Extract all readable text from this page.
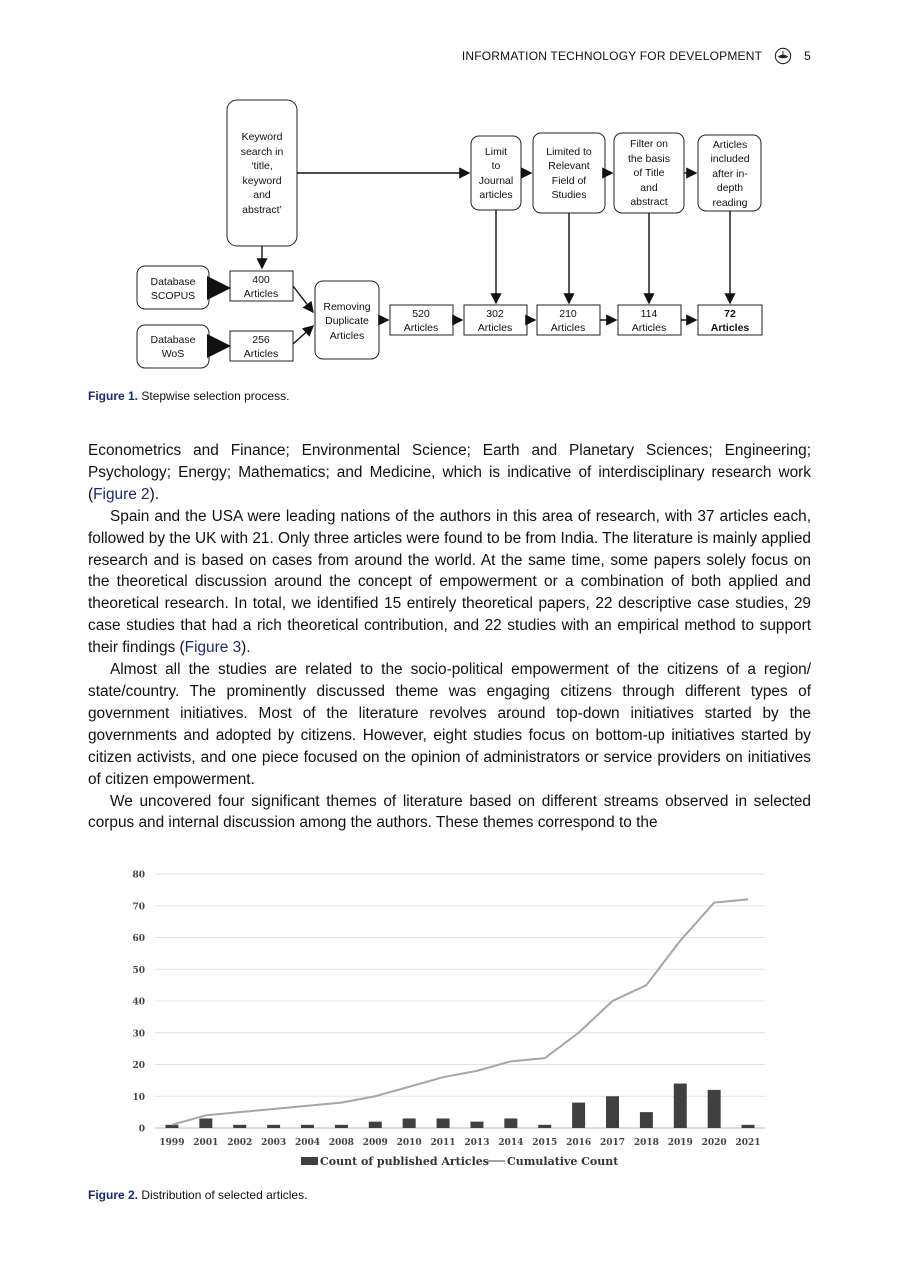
INFORMATION TECHNOLOGY FOR DEVELOPMENT	5
Keyword
search in
‘title,
keyword
and
abstract’
Database
SCOPUS
Database
WoS
400
Articles
256
Articles
Removing
Duplicate
Articles
520
Articles
302
Articles
210
Articles
114
Articles
72
Articles
Limit
to
Journal
articles
Limited to
Relevant
Field of
Studies
Filter on
the basis
of Title
and
abstract
Articles
included
after in-
depth
reading
Figure 1. Stepwise selection process.

Econometrics and Finance; Environmental Science; Earth and Planetary Sciences; Engineering; Psychology; Energy; Mathematics; and Medicine, which is indicative of interdisciplinary research work (Figure 2).

Spain and the USA were leading nations of the authors in this area of research, with 37 articles each, followed by the UK with 21. Only three articles were found to be from India. The literature is mainly applied research and is based on cases from around the world. At the same time, some papers solely focus on the theoretical discussion around the concept of empowerment or a combination of both applied and theoretical research. In total, we identified 15 entirely theoretical papers, 22 descriptive case studies, 29 case studies that had a rich theoretical contribution, and 22 studies with an empirical method to support their findings (Figure 3).

Almost all the studies are related to the socio-political empowerment of the citizens of a region/ state/country. The prominently discussed theme was engaging citizens through different types of government initiatives. Most of the literature revolves around top-down initiatives started by the governments and adopted by citizens. However, eight studies focus on bottom-up initiatives started by citizen activists, and one piece focused on the opinion of administrators or service providers on initiatives of citizen empowerment.

We uncovered four significant themes of literature based on different streams observed in selected corpus and internal discussion among the authors. These themes correspond to the

0
10
20
30
40
50
60
70
80
1999 2001 2002 2003 2004 2008 2009 2010 2011 2013 2014 2015 2016 2017 2018 2019 2020 2021
Count of published Articles Cumulative Count
Figure 2. Distribution of selected articles.
